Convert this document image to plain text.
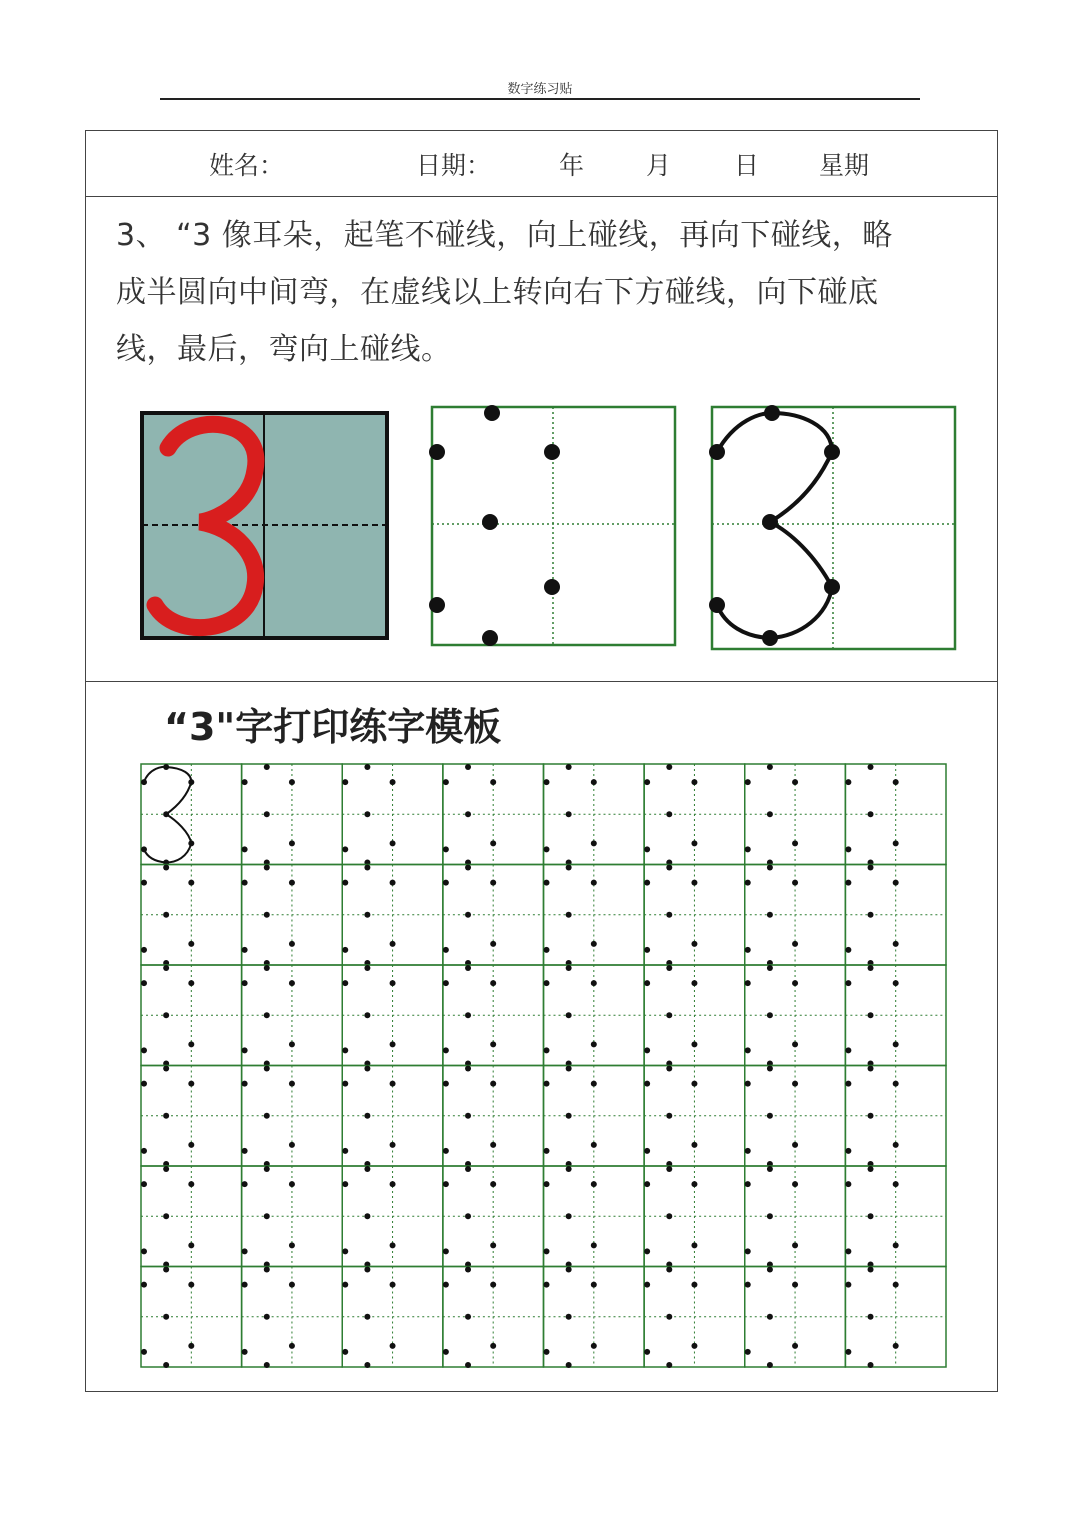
数字练习贴
姓名：	日期：	年 月	日 星期
3、 “3 像耳朵，起笔不碰线，向上碰线，再向下碰线，略
成半圆向中间弯，在虚线以上转向右下方碰线，向下碰底
线，最后，弯向上碰线。
“3"字打印练字模板
